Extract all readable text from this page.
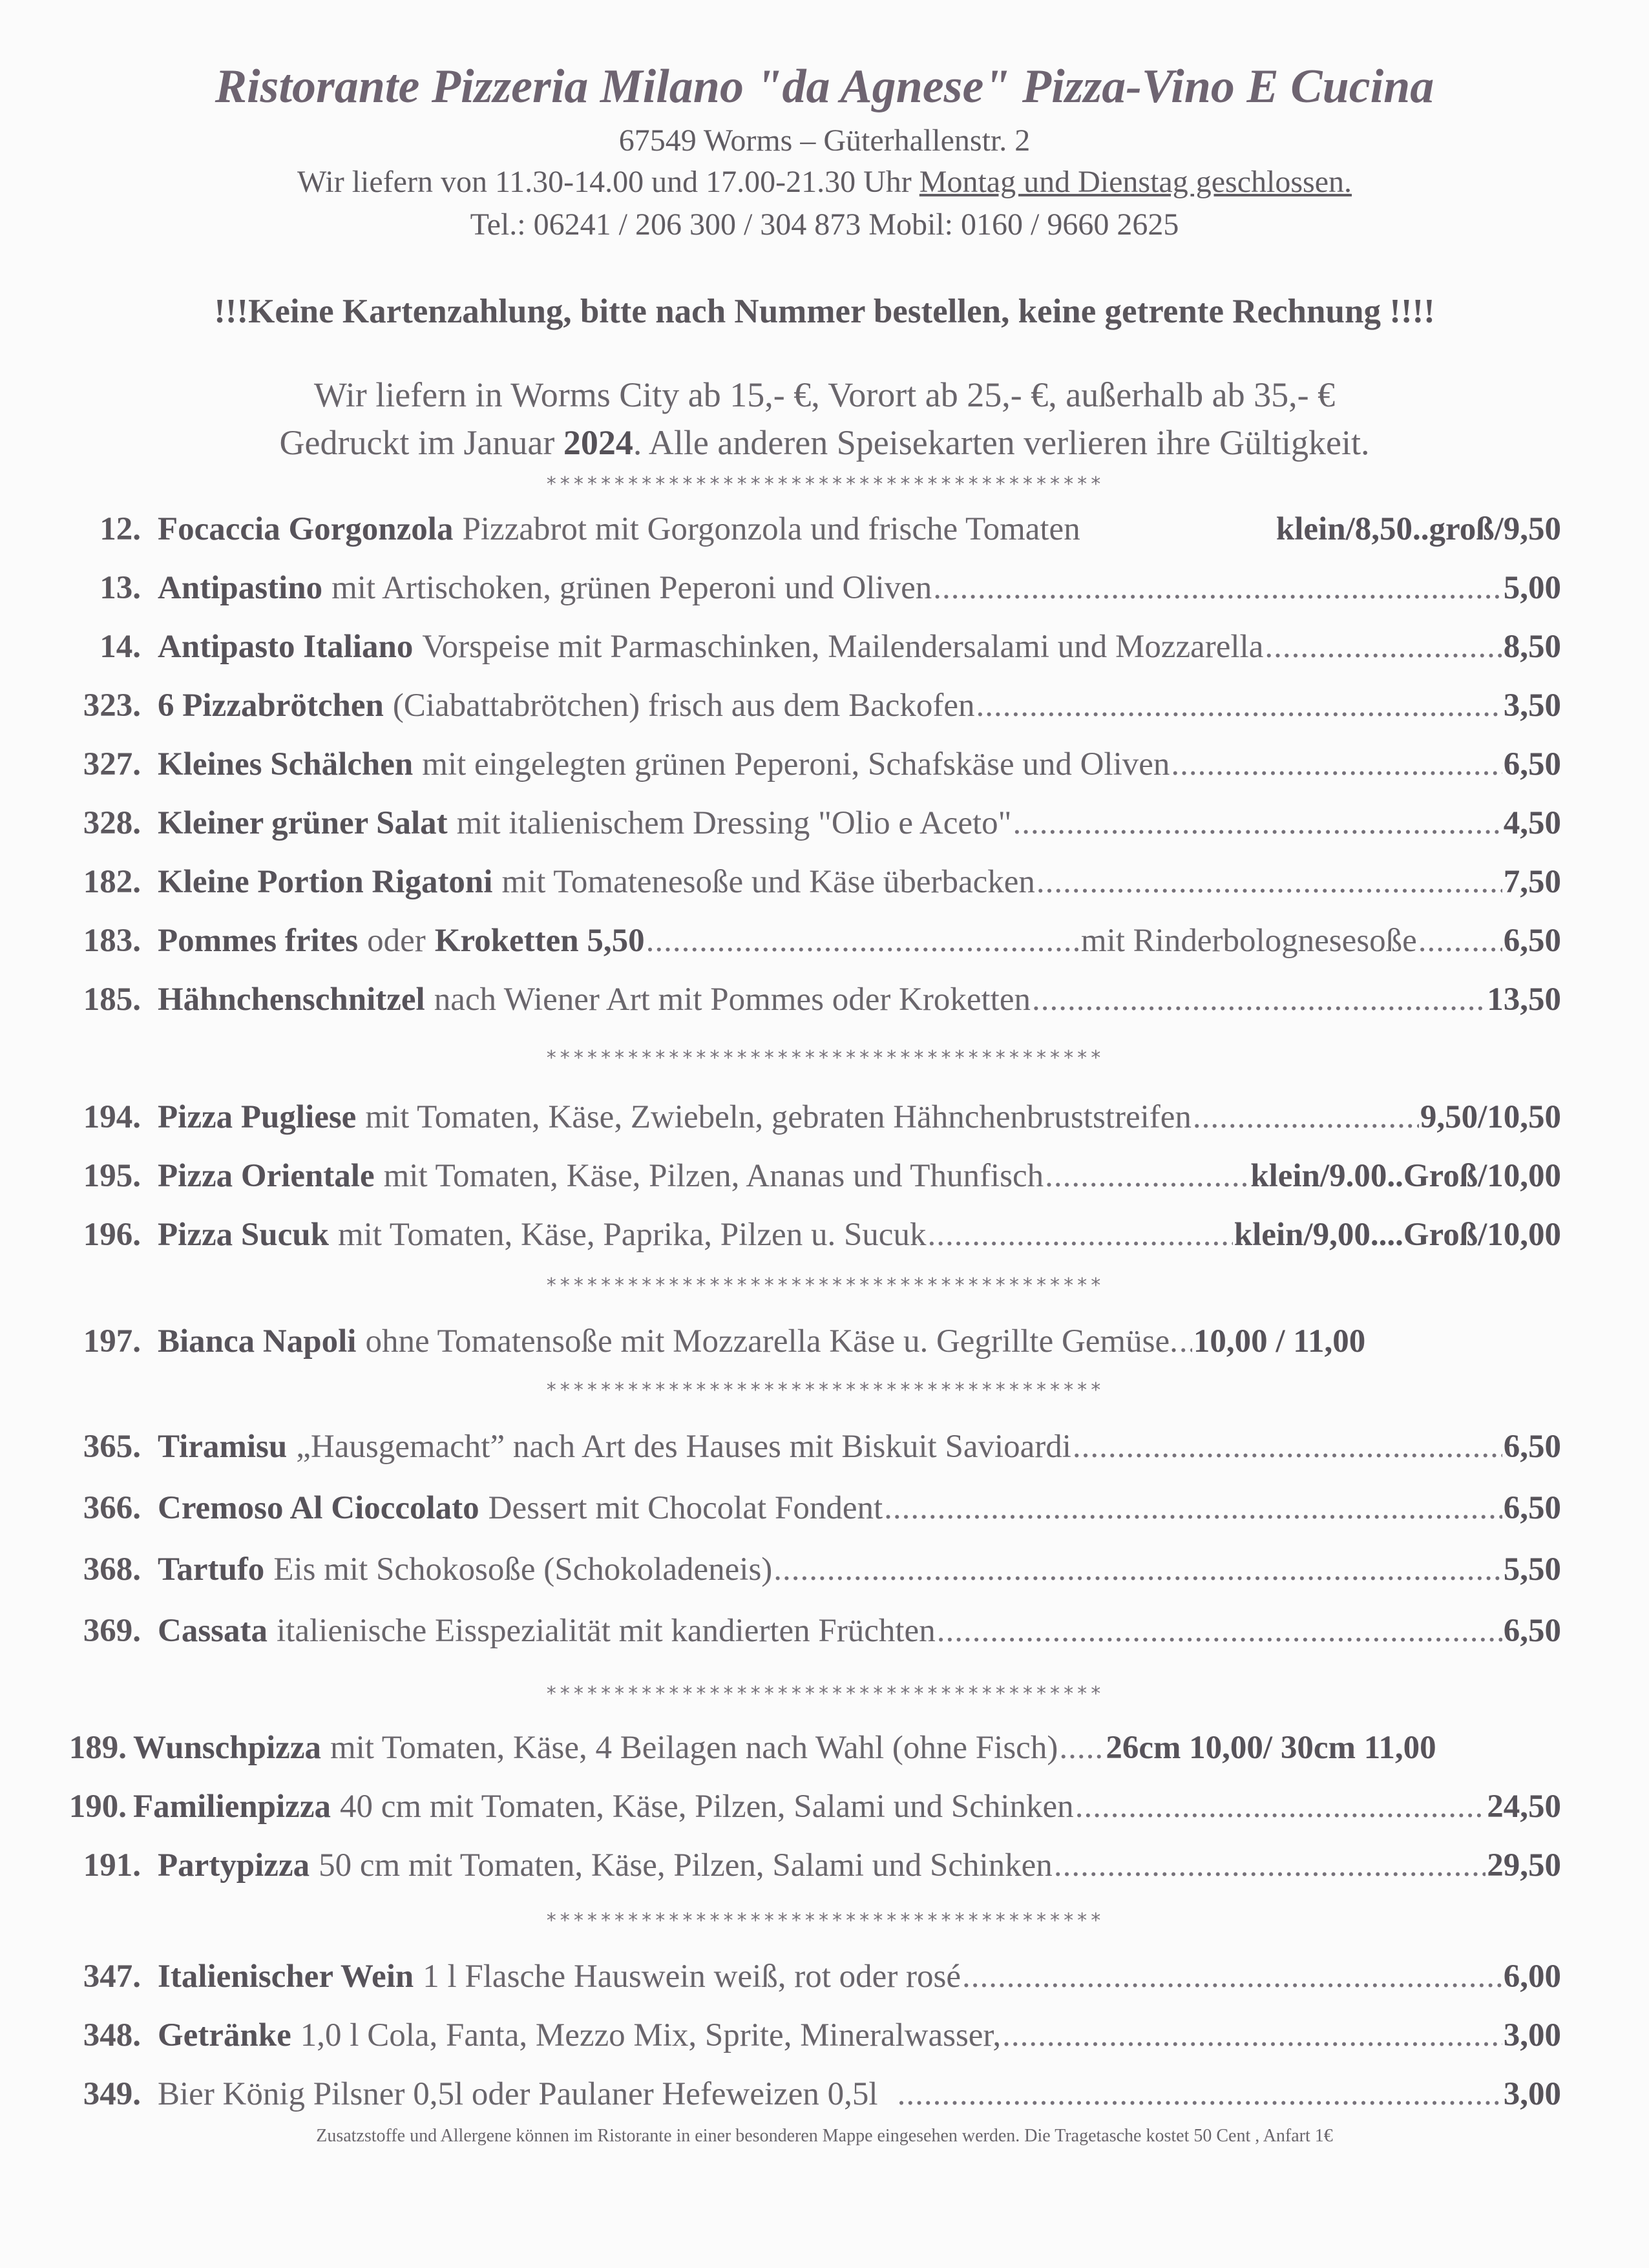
Ristorante Pizzeria Milano "da Agnese" Pizza-Vino E Cucina
67549 Worms – Güterhallenstr. 2
Wir liefern von 11.30-14.00 und 17.00-21.30 Uhr Montag und Dienstag geschlossen.
Tel.: 06241 / 206 300 / 304 873 Mobil: 0160 / 9660 2625
!!!Keine Kartenzahlung, bitte nach Nummer bestellen, keine getrente Rechnung !!!!
Wir liefern in Worms City ab 15,- €, Vorort ab 25,- €, außerhalb ab 35,- €
Gedruckt im Januar 2024. Alle anderen Speisekarten verlieren ihre Gültigkeit.
*****************************************
12. Focaccia Gorgonzola Pizzabrot mit Gorgonzola und frische Tomaten	klein/8,50..groß/9,50
13. Antipastino mit Artischoken, grünen Peperoni und Oliven .....	5,00
14. Antipasto Italiano Vorspeise mit Parmaschinken, Mailendersalami und Mozzarella .....	8,50
323. 6 Pizzabrötchen (Ciabattabrötchen) frisch aus dem Backofen .....	3,50
327. Kleines Schälchen mit eingelegten grünen Peperoni, Schafskäse und Oliven .....	6,50
328. Kleiner grüner Salat mit italienischem Dressing "Olio e Aceto" .....	4,50
182. Kleine Portion Rigatoni mit Tomatenesoße und Käse überbacken .....	7,50
183. Pommes frites oder Kroketten 5,50 .....	mit Rinderbolognesesoße .....	6,50
185. Hähnchenschnitzel nach Wiener Art mit Pommes oder Kroketten .....	13,50
*****************************************
194. Pizza Pugliese mit Tomaten, Käse, Zwiebeln, gebraten Hähnchenbruststreifen .....	9,50/10,50
195. Pizza Orientale mit Tomaten, Käse, Pilzen, Ananas und Thunfisch .....	klein/9.00..Groß/10,00
196. Pizza Sucuk mit Tomaten, Käse, Paprika, Pilzen u. Sucuk .....	klein/9,00....Groß/10,00
*****************************************
197. Bianca Napoli ohne Tomatensoße mit Mozzarella Käse u. Gegrillte Gemüse. ..... 10,00 / 11,00
*****************************************
365. Tiramisu „Hausgemacht” nach Art des Hauses mit Biskuit Savioardi .....	6,50
366. Cremoso Al Cioccolato Dessert mit Chocolat Fondent .....	6,50
368. Tartufo Eis mit Schokosoße (Schokoladeneis) .....	5,50
369. Cassata italienische Eisspezialität mit kandierten Früchten .....	6,50
*****************************************
189. Wunschpizza mit Tomaten, Käse, 4 Beilagen nach Wahl (ohne Fisch) ..... 26cm 10,00/ 30cm 11,00
190. Familienpizza 40 cm mit Tomaten, Käse, Pilzen, Salami und Schinken .....	24,50
191. Partypizza 50 cm mit Tomaten, Käse, Pilzen, Salami und Schinken .....	29,50
*****************************************
347. Italienischer Wein 1 l Flasche Hauswein weiß, rot oder rosé .....	6,00
348. Getränke 1,0 l Cola, Fanta, Mezzo Mix, Sprite, Mineralwasser, .....	3,00
349. Bier König Pilsner 0,5l oder Paulaner Hefeweizen 0,5l .....	3,00
Zusatzstoffe und Allergene können im Ristorante in einer besonderen Mappe eingesehen werden. Die Tragetasche kostet 50 Cent , Anfart 1€
